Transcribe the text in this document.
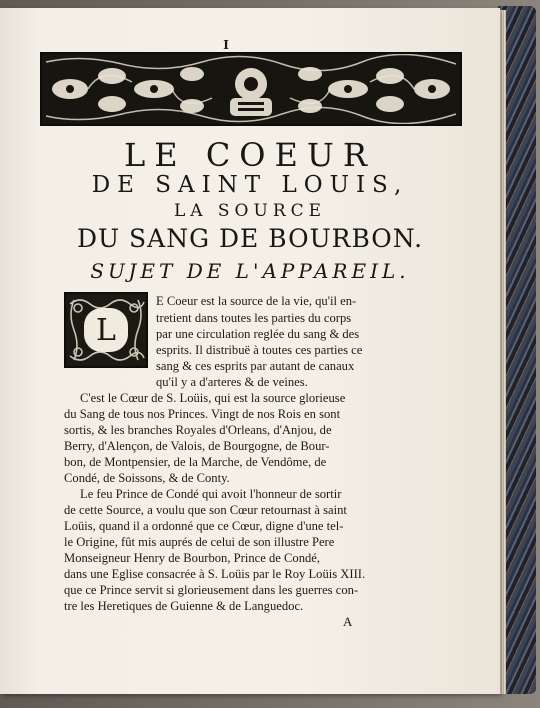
I
LE COEUR
DE SAINT LOUIS,
LA SOURCE
DU SANG DE BOURBON.
SUJET DE L'APPAREIL.
L
E Coeur est la source de la vie, qu'il en-
tretient dans toutes les parties du corps
par une circulation reglée du sang & des
esprits. Il distribuë à toutes ces parties ce
sang & ces esprits par autant de canaux
qu'il y a d'arteres & de veines.
C'est le Cœur de S. Loüis, qui est la source glorieuse
du Sang de tous nos Princes. Vingt de nos Rois en sont
sortis, & les branches Royales d'Orleans, d'Anjou, de
Berry, d'Alençon, de Valois, de Bourgogne, de Bour-
bon, de Montpensier, de la Marche, de Vendôme, de
Condé, de Soissons, & de Conty.
Le feu Prince de Condé qui avoit l'honneur de sortir
de cette Source, a voulu que son Cœur retournast à saint
Loüis, quand il a ordonné que ce Cœur, digne d'une tel-
le Origine, fût mis auprés de celui de son illustre Pere
Monseigneur Henry de Bourbon, Prince de Condé,
dans une Eglise consacrée à S. Loüis par le Roy Loüis XIII.
que ce Prince servit si glorieusement dans les guerres con-
tre les Heretiques de Guienne & de Languedoc.
A
